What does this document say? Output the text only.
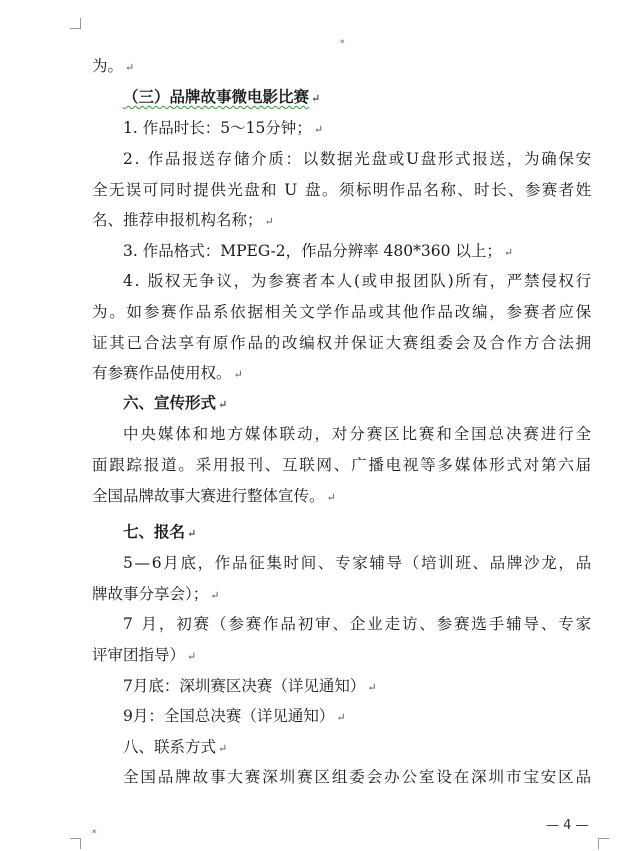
⁎
⁎
为。 ↵
（三）品牌故事微电影比赛 ↵
1. 作品时长：5～15分钟； ↵
2. 作品报送存储介质：以数据光盘或U盘形式报送，为确保安
全无误可同时提供光盘和 U 盘。须标明作品名称、时长、参赛者姓
名、推荐申报机构名称； ↵
3. 作品格式：MPEG-2，作品分辨率 480*360 以上； ↵
4. 版权无争议，为参赛者本人(或申报团队)所有，严禁侵权行
为。如参赛作品系依据相关文学作品或其他作品改编，参赛者应保
证其已合法享有原作品的改编权并保证大赛组委会及合作方合法拥
有参赛作品使用权。 ↵
六、宣传形式 ↵
中央媒体和地方媒体联动，对分赛区比赛和全国总决赛进行全
面跟踪报道。采用报刊、互联网、广播电视等多媒体形式对第六届
全国品牌故事大赛进行整体宣传。 ↵
七、报名 ↵
5—6月底，作品征集时间、专家辅导（培训班、品牌沙龙，品
牌故事分享会）； ↵
7 月，初赛（参赛作品初审、企业走访、参赛选手辅导、专家
评审团指导） ↵
7月底：深圳赛区决赛（详见通知） ↵
9月：全国总决赛（详见通知） ↵
八、联系方式 ↵
全国品牌故事大赛深圳赛区组委会办公室设在深圳市宝安区品
— 4 —
